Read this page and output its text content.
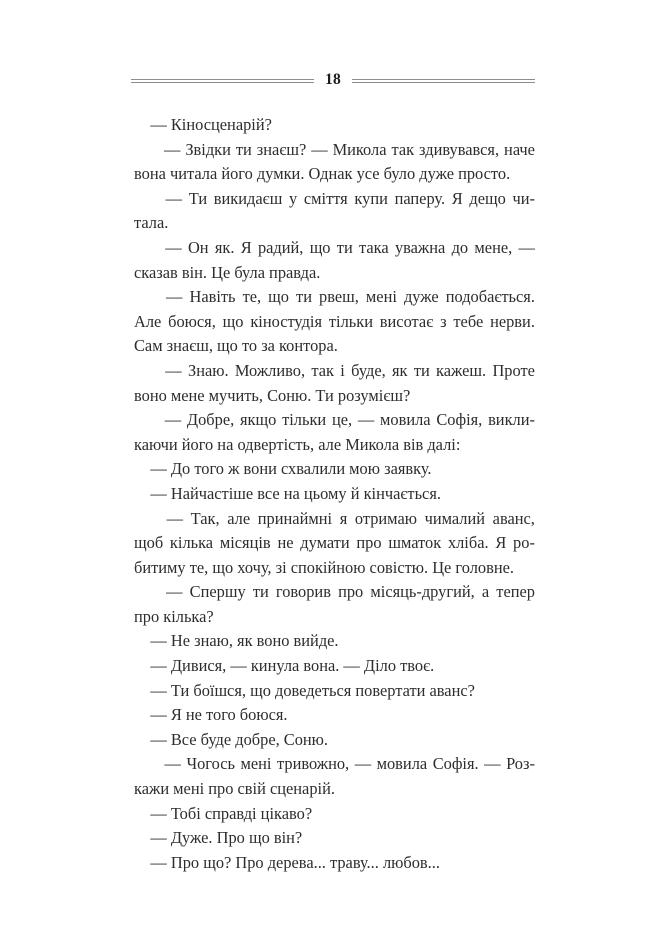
18

— Кіносценарій?

— Звідки ти знаєш? — Микола так здивувався, наче
вона читала його думки. Однак усе було дуже просто.

— Ти викидаєш у сміття купи паперу. Я дещо чи-
тала.

— Он як. Я радий, що ти така уважна до мене, —
сказав він. Це була правда.

— Навіть те, що ти рвеш, мені дуже подобається.
Але боюся, що кіностудія тільки висотає з тебе нерви.
Сам знаєш, що то за контора.

— Знаю. Можливо, так і буде, як ти кажеш. Проте
воно мене мучить, Соню. Ти розумієш?

— Добре, якщо тільки це, — мовила Софія, викли-
каючи його на одвертість, але Микола вів далі:

— До того ж вони схвалили мою заявку.

— Найчастіше все на цьому й кінчається.

— Так, але принаймні я отримаю чималий аванс,
щоб кілька місяців не думати про шматок хліба. Я ро-
битиму те, що хочу, зі спокійною совістю. Це головне.

— Спершу ти говорив про місяць-другий, а тепер
про кілька?

— Не знаю, як воно вийде.

— Дивися, — кинула вона. — Діло твоє.

— Ти боїшся, що доведеться повертати аванс?

— Я не того боюся.

— Все буде добре, Соню.

— Чогось мені тривожно, — мовила Софія. — Роз-
кажи мені про свій сценарій.

— Тобі справді цікаво?

— Дуже. Про що він?

— Про що? Про дерева... траву... любов...
